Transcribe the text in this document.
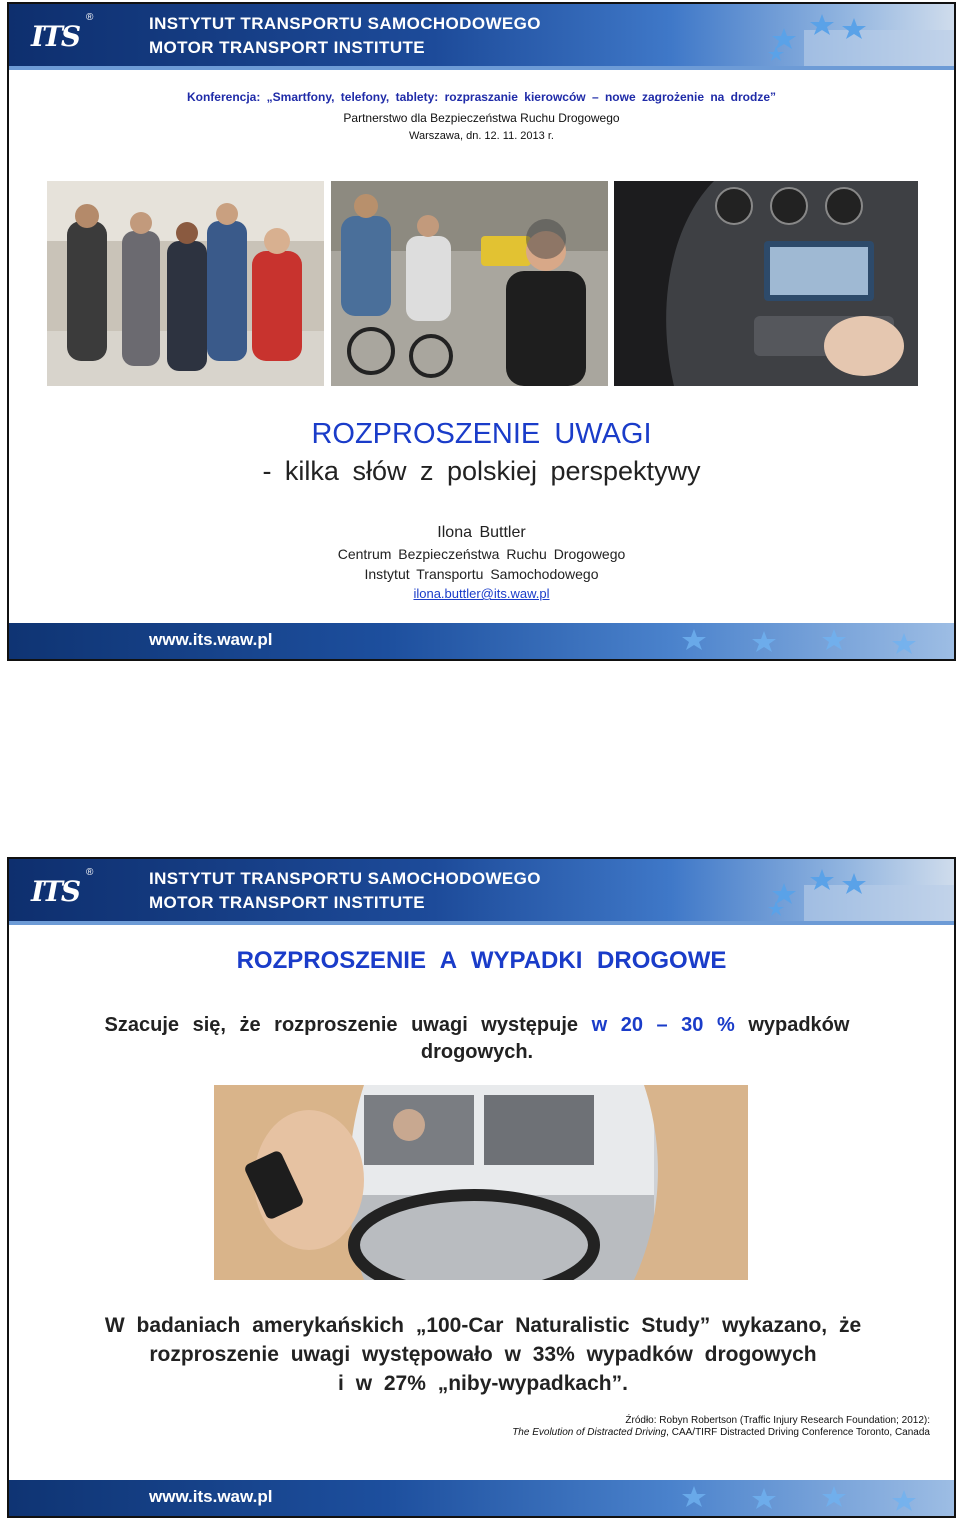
ITS
®	INSTYTUT TRANSPORTU SAMOCHODOWEGO
MOTOR TRANSPORT INSTITUTE
Konferencja: „Smartfony, telefony, tablety: rozpraszanie kierowców – nowe zagrożenie na drodze”
Partnerstwo dla Bezpieczeństwa Ruchu Drogowego
Warszawa, dn. 12. 11. 2013 r.
ROZPROSZENIE UWAGI
- kilka słów z polskiej perspektywy
Ilona Buttler
Centrum Bezpieczeństwa Ruchu Drogowego
Instytut Transportu Samochodowego
ilona.buttler@its.waw.pl
www.its.waw.pl
ITS
®	INSTYTUT TRANSPORTU SAMOCHODOWEGO
MOTOR TRANSPORT INSTITUTE
ROZPROSZENIE A WYPADKI DROGOWE
Szacuje się, że rozproszenie uwagi występuje w 20 – 30 % wypadków drogowych.
W badaniach amerykańskich „100-Car Naturalistic Study” wykazano, że
rozproszenie uwagi występowało w 33% wypadków drogowych
i w 27% „niby-wypadkach”.
Źródło: Robyn Robertson (Traffic Injury Research Foundation; 2012):
The Evolution of Distracted Driving, CAA/TIRF Distracted Driving Conference Toronto, Canada
www.its.waw.pl
